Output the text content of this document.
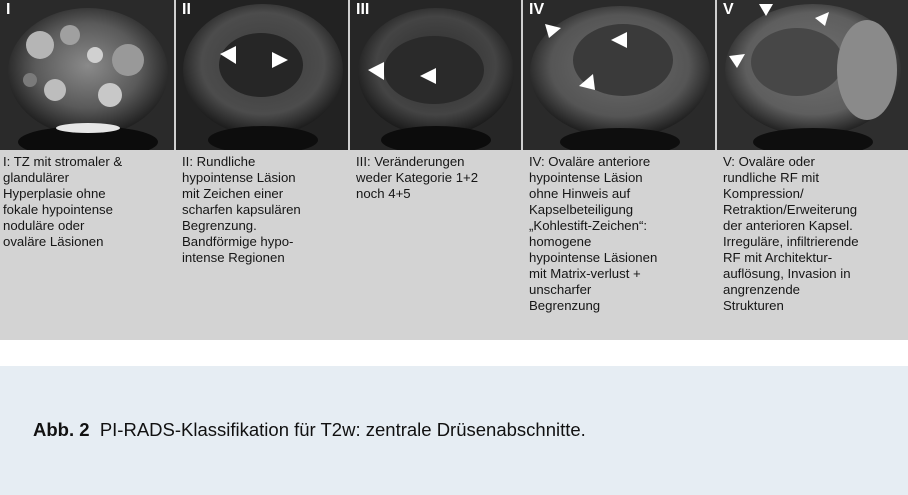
I	II	III	IV	V
I: TZ mit stromaler &
glandulärer
Hyperplasie ohne
fokale hypointense
noduläre oder
ovaläre Läsionen
II: Rundliche
hypointense Läsion
mit Zeichen einer
scharfen kapsulären
Begrenzung.
Bandförmige hypo-
intense Regionen
III: Veränderungen
weder Kategorie 1+2
noch 4+5
IV: Ovaläre anteriore
hypointense Läsion
ohne Hinweis auf
Kapselbeteiligung
„Kohlestift-Zeichen“:
homogene
hypointense Läsionen
mit Matrix-verlust +
unscharfer
Begrenzung
V: Ovaläre oder
rundliche RF mit
Kompression/
Retraktion/Erweiterung
der anterioren Kapsel.
Irreguläre, infiltrierende
RF mit Architektur-
auflösung, Invasion in
angrenzende
Strukturen
Abb. 2 PI-RADS-Klassifikation für T2w: zentrale Drüsenabschnitte.
